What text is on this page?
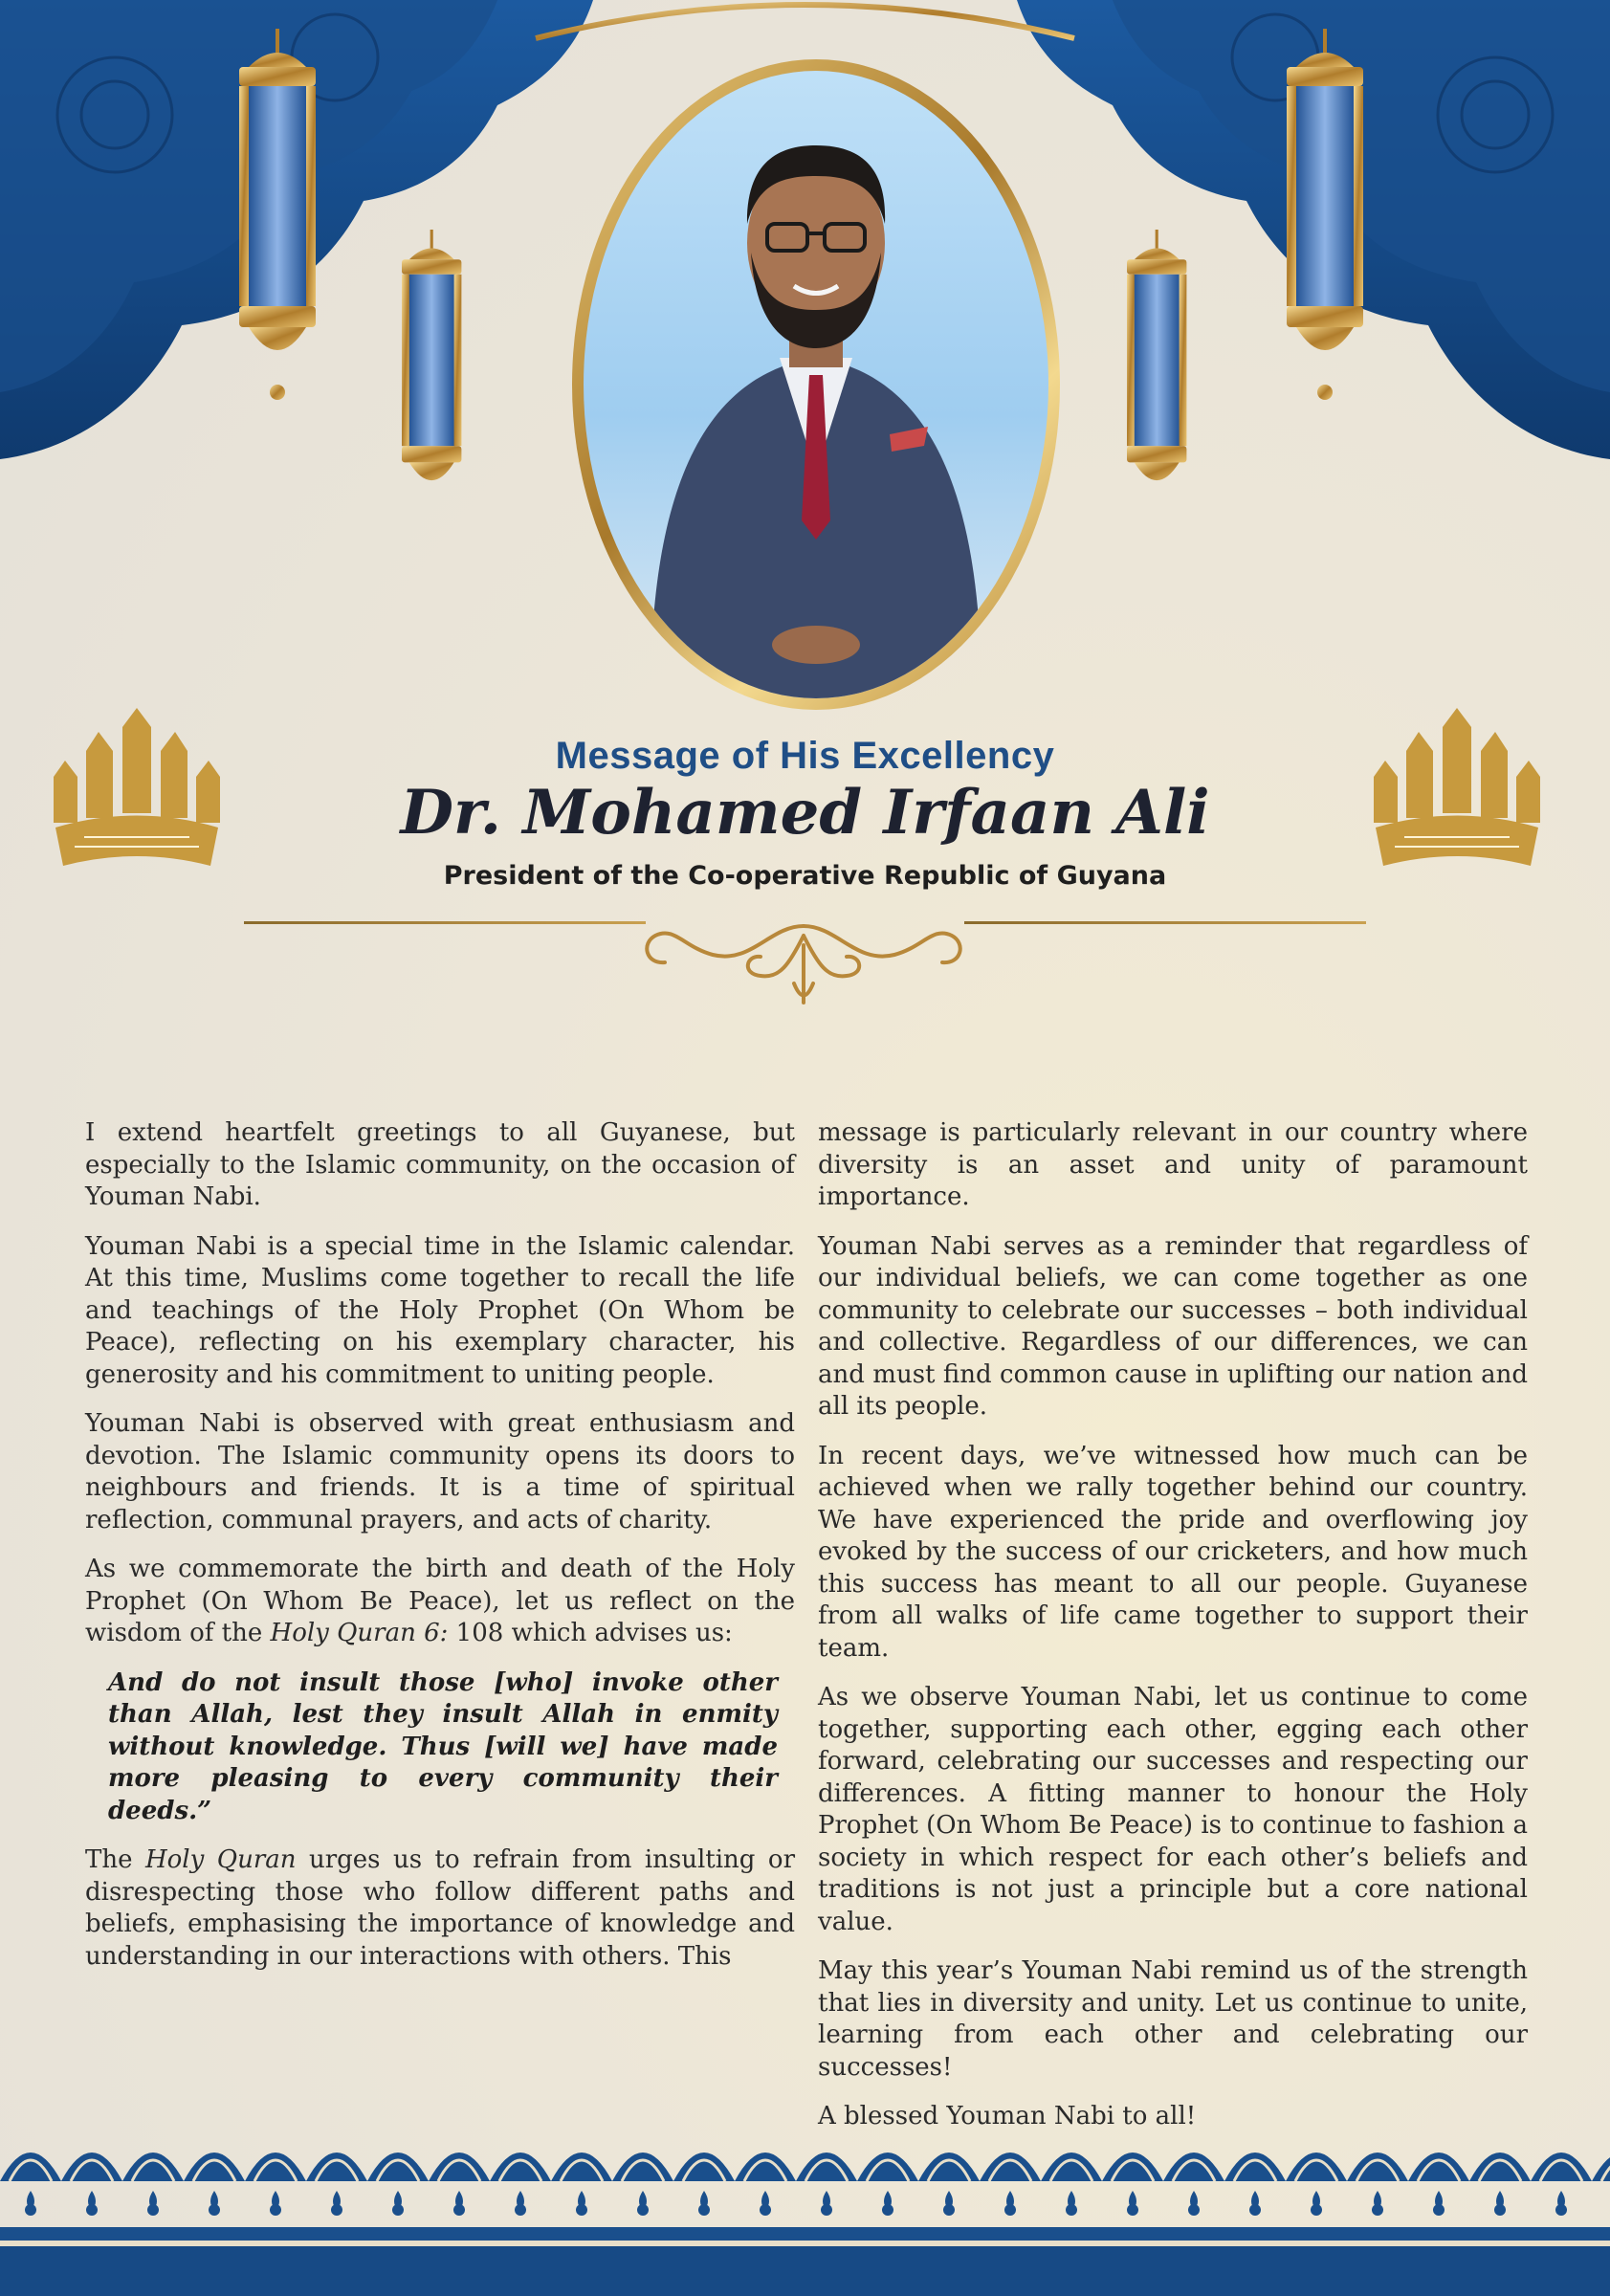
Message of His Excellency
Dr. Mohamed Irfaan Ali
President of the Co-operative Republic of Guyana

I extend heartfelt greetings to all Guyanese, but especially to the Islamic community, on the occasion of Youman Nabi.

Youman Nabi is a special time in the Islamic calendar. At this time, Muslims come together to recall the life and teachings of the Holy Prophet (On Whom be Peace), reflecting on his exemplary character, his generosity and his commitment to uniting people.

Youman Nabi is observed with great enthusiasm and devotion. The Islamic community opens its doors to neighbours and friends. It is a time of spiritual reflection, communal prayers, and acts of charity.

As we commemorate the birth and death of the Holy Prophet (On Whom Be Peace), let us reflect on the wisdom of the Holy Quran 6: 108 which advises us:

And do not insult those [who] invoke other than Allah, lest they insult Allah in enmity without knowledge. Thus [will we] have made more pleasing to every community their deeds.”

The Holy Quran urges us to refrain from insulting or disrespecting those who follow different paths and beliefs, emphasising the importance of knowledge and understanding in our interactions with others. This

message is particularly relevant in our country where diversity is an asset and unity of paramount importance.

Youman Nabi serves as a reminder that regardless of our individual beliefs, we can come together as one community to celebrate our successes – both individual and collective. Regardless of our differences, we can and must find common cause in uplifting our nation and all its people.

In recent days, we’ve witnessed how much can be achieved when we rally together behind our country. We have experienced the pride and overflowing joy evoked by the success of our cricketers, and how much this success has meant to all our people. Guyanese from all walks of life came together to support their team.

As we observe Youman Nabi, let us continue to come together, supporting each other, egging each other forward, celebrating our successes and respecting our differences. A fitting manner to honour the Holy Prophet (On Whom Be Peace) is to continue to fashion a society in which respect for each other’s beliefs and traditions is not just a principle but a core national value.

May this year’s Youman Nabi remind us of the strength that lies in diversity and unity. Let us continue to unite, learning from each other and celebrating our successes!

A blessed Youman Nabi to all!
